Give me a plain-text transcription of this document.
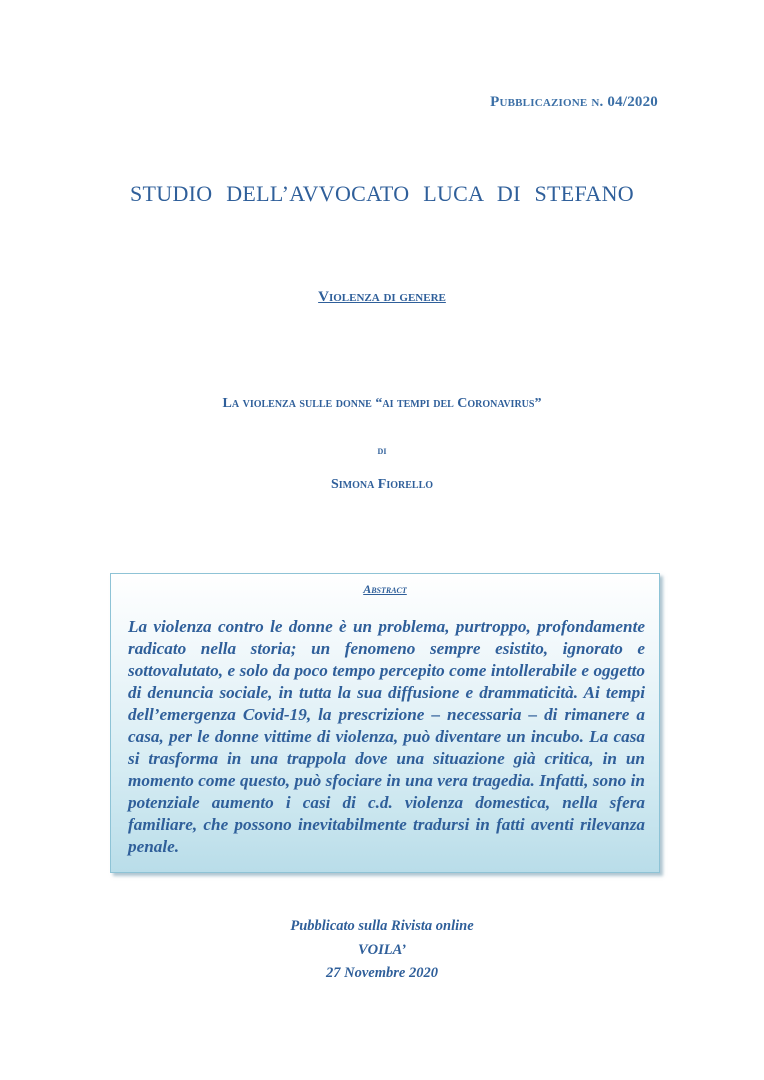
Pubblicazione n. 04/2020
STUDIO DELL’AVVOCATO LUCA DI STEFANO
Violenza di genere
La violenza sulle donne “ai tempi del Coronavirus”
di
Simona Fiorello
Abstract

La violenza contro le donne è un problema, purtroppo, profondamente radicato nella storia; un fenomeno sempre esistito, ignorato e sottovalutato, e solo da poco tempo percepito come intollerabile e oggetto di denuncia sociale, in tutta la sua diffusione e drammaticità. Ai tempi dell’emergenza Covid-19, la prescrizione – necessaria – di rimanere a casa, per le donne vittime di violenza, può diventare un incubo. La casa si trasforma in una trappola dove una situazione già critica, in un momento come questo, può sfociare in una vera tragedia. Infatti, sono in potenziale aumento i casi di c.d. violenza domestica, nella sfera familiare, che possono inevitabilmente tradursi in fatti aventi rilevanza penale.

Pubblicato sulla Rivista online
VOILA’
27 Novembre 2020
